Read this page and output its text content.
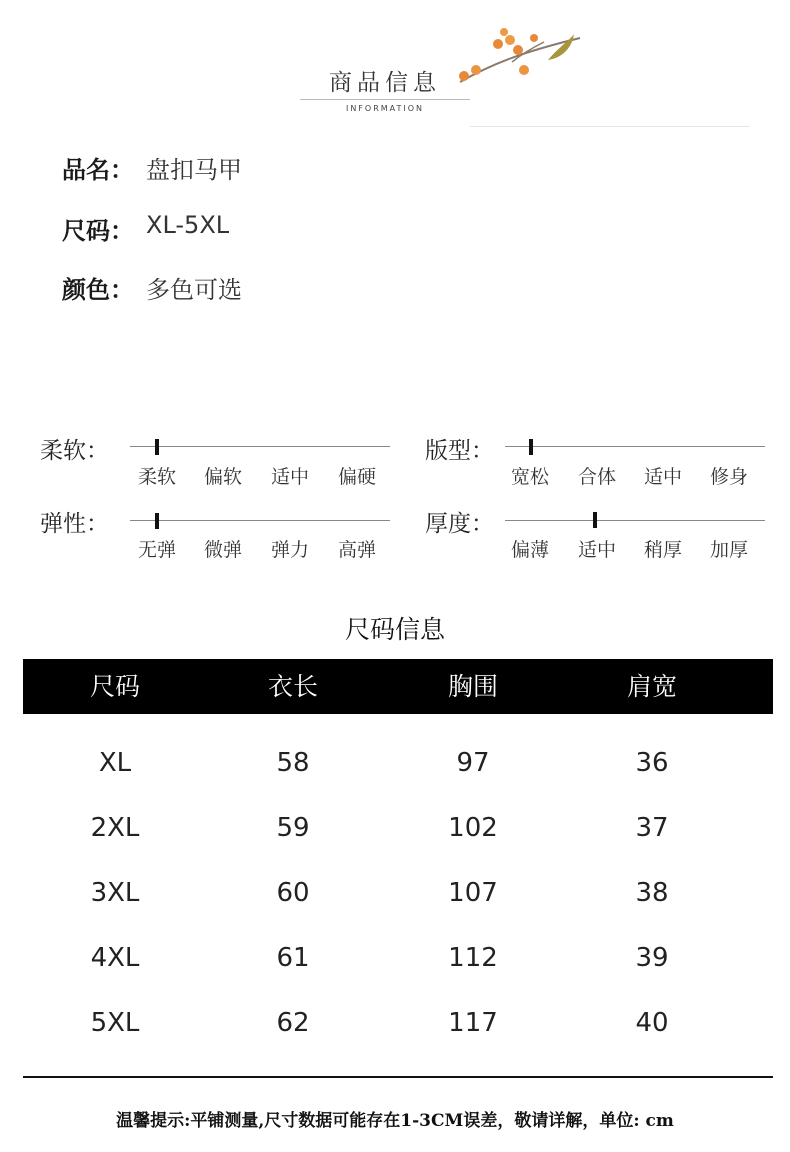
商品信息
INFORMATION
品名： 盘扣马甲
尺码： XL-5XL
颜色： 多色可选
柔软：
柔软	偏软	适中	偏硬
版型：
宽松	合体	适中	修身
弹性：
无弹	微弹	弹力	高弹
厚度：
偏薄	适中	稍厚	加厚
尺码信息
尺码	衣长	胸围	肩宽
XL	58	97	36
2XL	59	102	37
3XL	60	107	38
4XL	61	112	39
5XL	62	117	40
温馨提示:平铺测量,尺寸数据可能存在1-3CM误差，敬请详解，单位: cm
